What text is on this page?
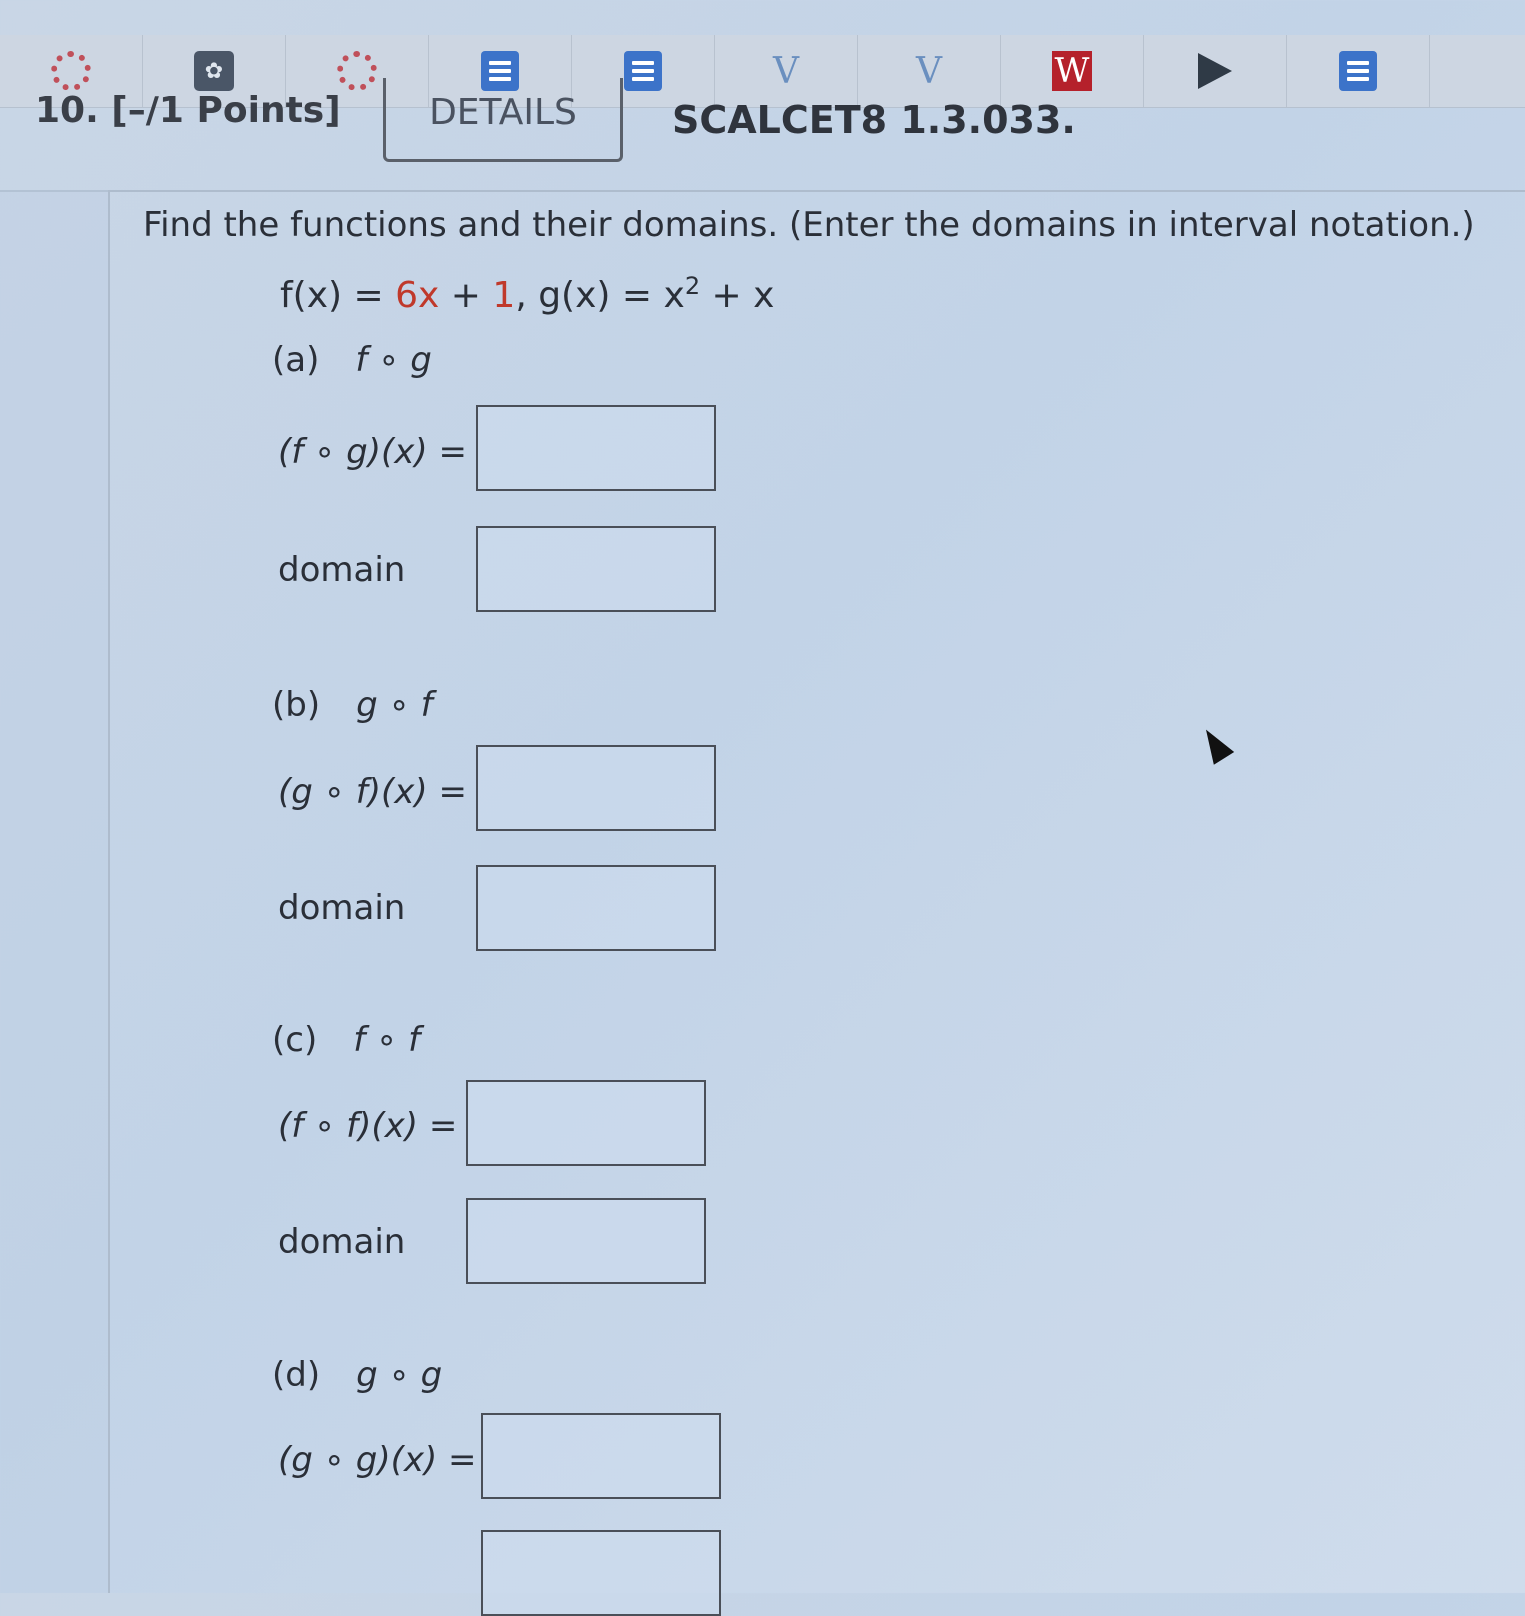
✿	V	V	W
10. [–/1 Points]	DETAILS	SCALCET8 1.3.033.
Find the functions and their domains. (Enter the domains in interval notation.)
f(x) = 6x + 1, $g(x) = x^2 + x$
(a) f ∘ g
(f ∘ g)(x) =
domain
(b) g ∘ f
(g ∘ f)(x) =
domain
(c) f ∘ f
(f ∘ f)(x) =
domain
(d) g ∘ g
(g ∘ g)(x) =
